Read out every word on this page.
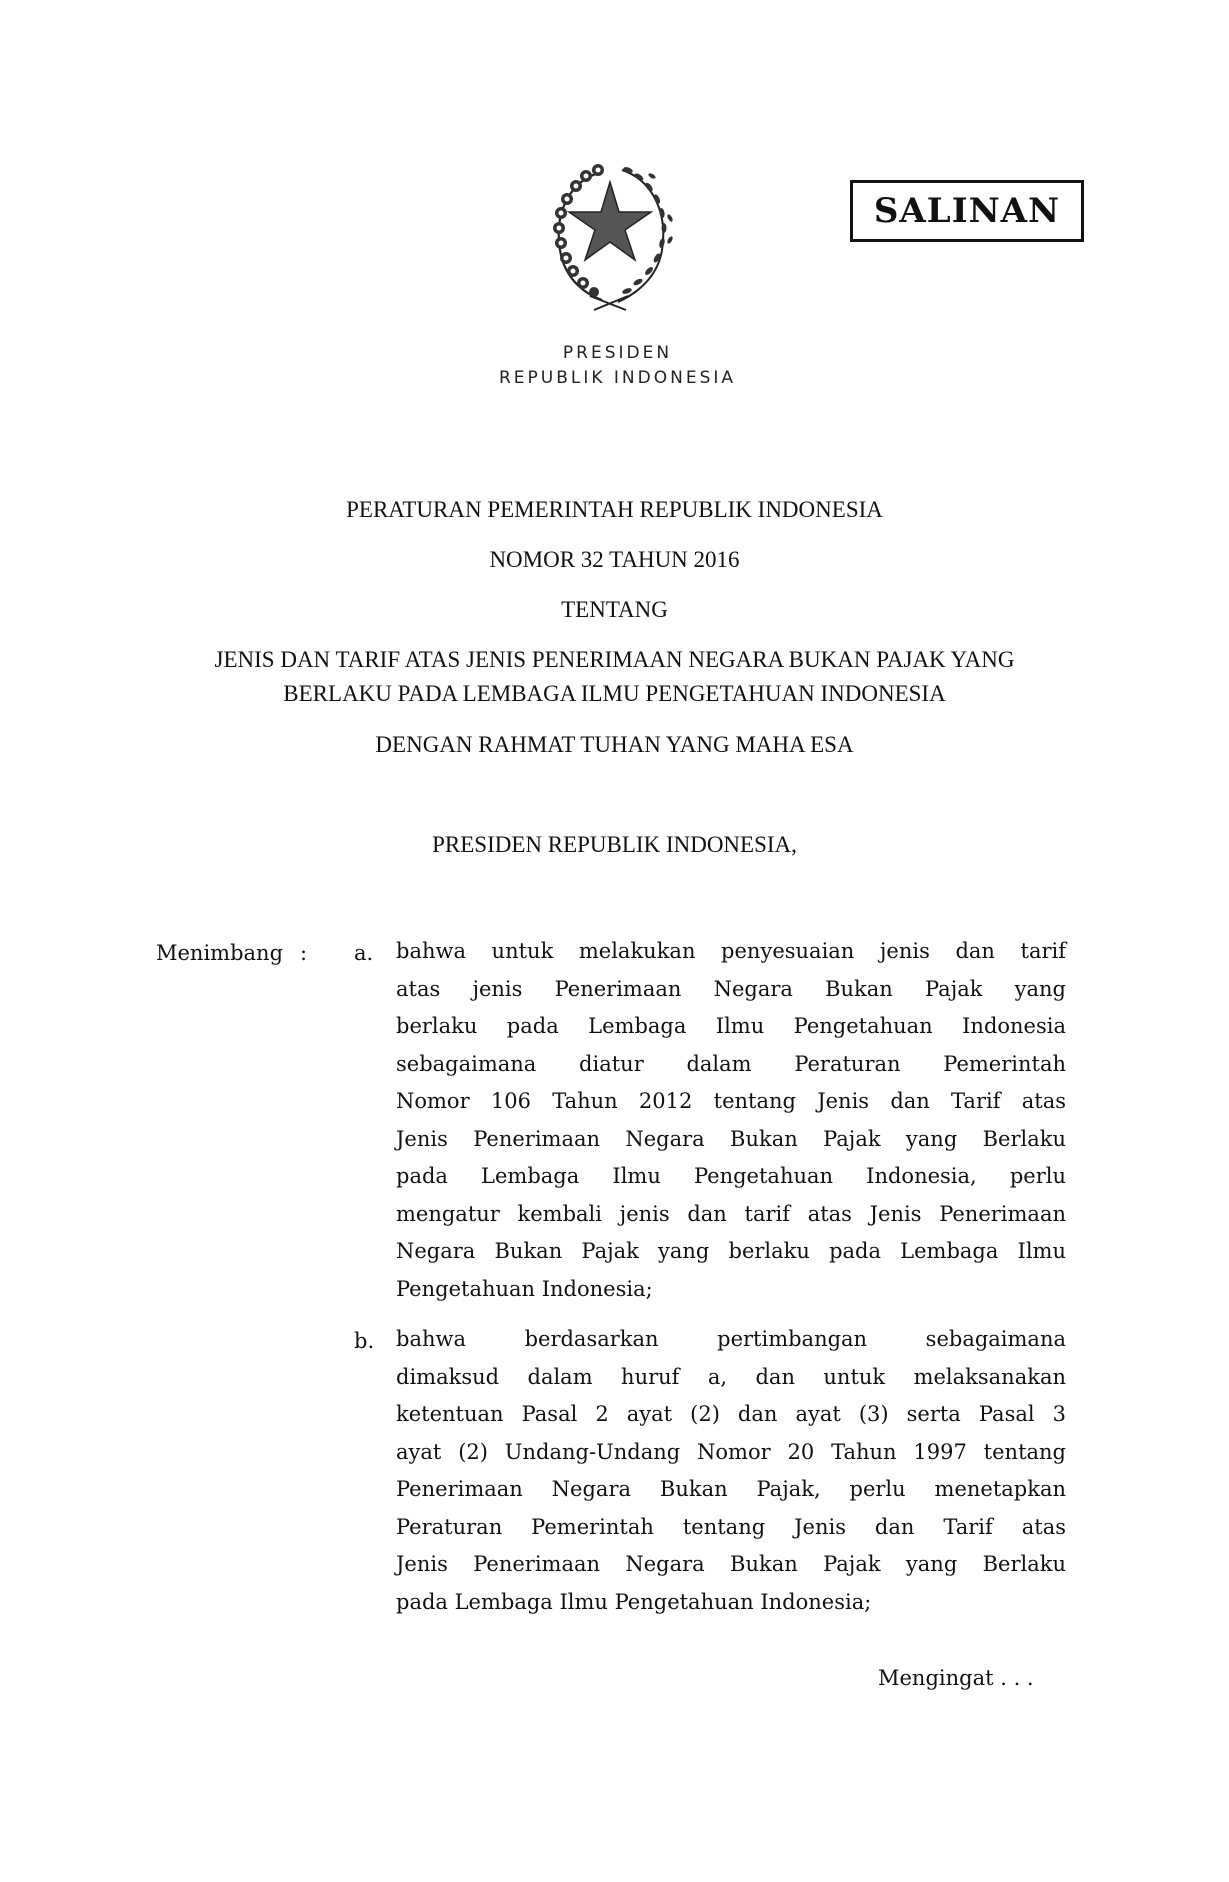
SALINAN
PRESIDEN
REPUBLIK INDONESIA
PERATURAN PEMERINTAH REPUBLIK INDONESIA
NOMOR 32 TAHUN 2016
TENTANG
JENIS DAN TARIF ATAS JENIS PENERIMAAN NEGARA BUKAN PAJAK YANG
BERLAKU PADA LEMBAGA ILMU PENGETAHUAN INDONESIA
DENGAN RAHMAT TUHAN YANG MAHA ESA
PRESIDEN REPUBLIK INDONESIA,
Menimbang : a. bahwa untuk melakukan penyesuaian jenis dan tarif
atas jenis Penerimaan Negara Bukan Pajak yang
berlaku pada Lembaga Ilmu Pengetahuan Indonesia
sebagaimana diatur dalam Peraturan Pemerintah
Nomor 106 Tahun 2012 tentang Jenis dan Tarif atas
Jenis Penerimaan Negara Bukan Pajak yang Berlaku
pada Lembaga Ilmu Pengetahuan Indonesia, perlu
mengatur kembali jenis dan tarif atas Jenis Penerimaan
Negara Bukan Pajak yang berlaku pada Lembaga Ilmu
Pengetahuan Indonesia;
b. bahwa berdasarkan pertimbangan sebagaimana
dimaksud dalam huruf a, dan untuk melaksanakan
ketentuan Pasal 2 ayat (2) dan ayat (3) serta Pasal 3
ayat (2) Undang-Undang Nomor 20 Tahun 1997 tentang
Penerimaan Negara Bukan Pajak, perlu menetapkan
Peraturan Pemerintah tentang Jenis dan Tarif atas
Jenis Penerimaan Negara Bukan Pajak yang Berlaku
pada Lembaga Ilmu Pengetahuan Indonesia;
Mengingat . . .
